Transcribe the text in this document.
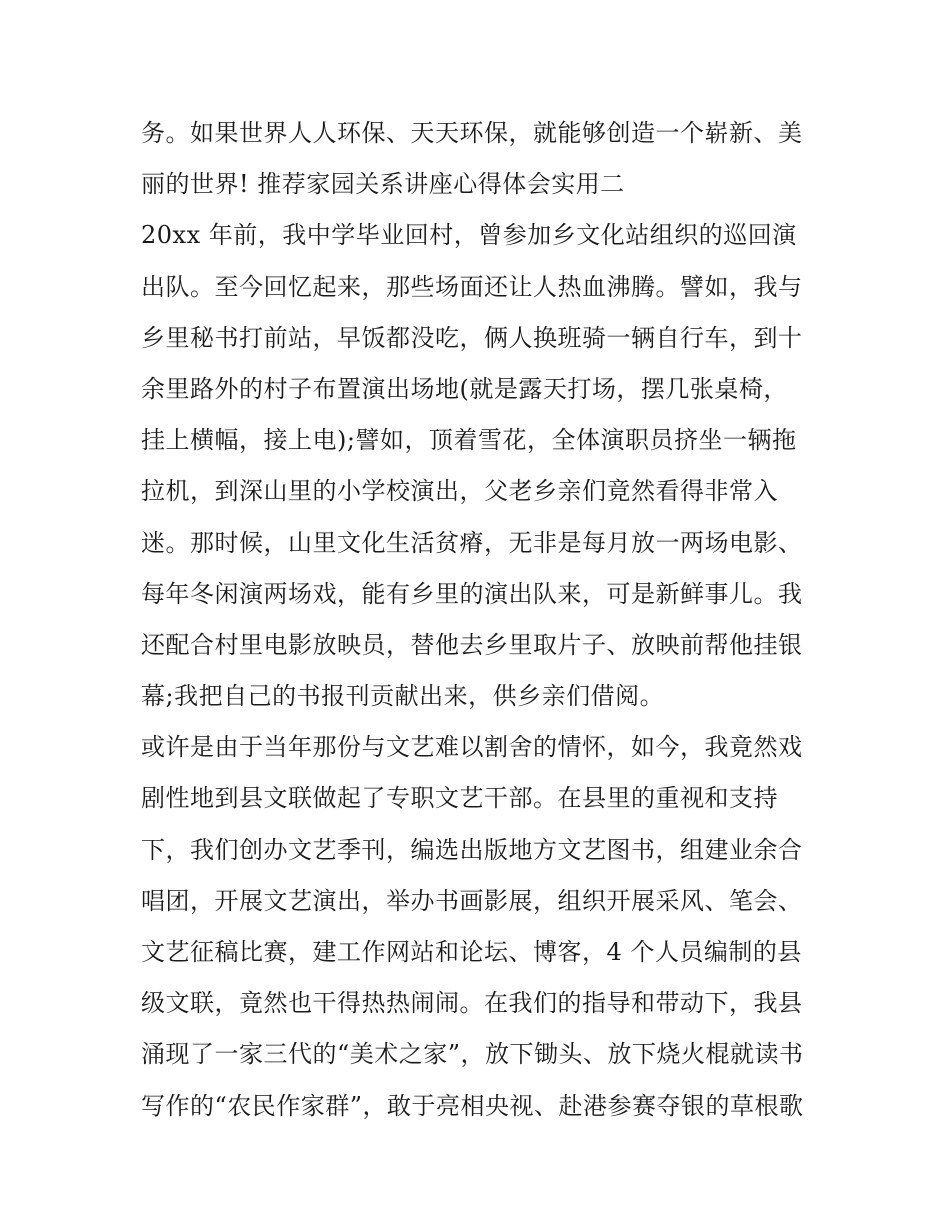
务。如果世界人人环保、天天环保，就能够创造一个崭新、美
丽的世界! 推荐家园关系讲座心得体会实用二
20xx 年前，我中学毕业回村，曾参加乡文化站组织的巡回演
出队。至今回忆起来，那些场面还让人热血沸腾。譬如，我与
乡里秘书打前站，早饭都没吃，俩人换班骑一辆自行车，到十
余里路外的村子布置演出场地(就是露天打场，摆几张桌椅，
挂上横幅，接上电);譬如，顶着雪花，全体演职员挤坐一辆拖
拉机，到深山里的小学校演出，父老乡亲们竟然看得非常入
迷。那时候，山里文化生活贫瘠，无非是每月放一两场电影、
每年冬闲演两场戏，能有乡里的演出队来，可是新鲜事儿。我
还配合村里电影放映员，替他去乡里取片子、放映前帮他挂银
幕;我把自己的书报刊贡献出来，供乡亲们借阅。
或许是由于当年那份与文艺难以割舍的情怀，如今，我竟然戏
剧性地到县文联做起了专职文艺干部。在县里的重视和支持
下，我们创办文艺季刊，编选出版地方文艺图书，组建业余合
唱团，开展文艺演出，举办书画影展，组织开展采风、笔会、
文艺征稿比赛，建工作网站和论坛、博客，4 个人员编制的县
级文联，竟然也干得热热闹闹。在我们的指导和带动下，我县
涌现了一家三代的“美术之家”，放下锄头、放下烧火棍就读书
写作的“农民作家群”，敢于亮相央视、赴港参赛夺银的草根歌
